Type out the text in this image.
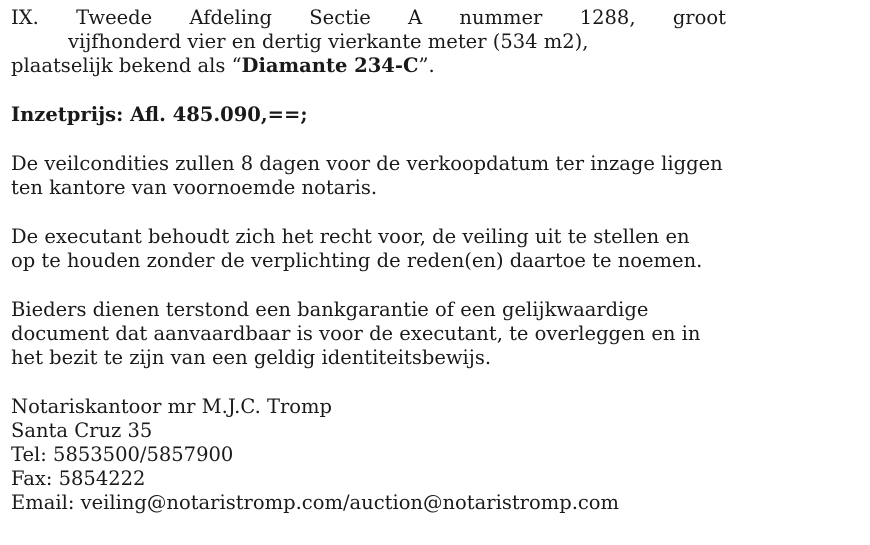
IX. Tweede Afdeling Sectie A nummer 1288, groot
vijfhonderd vier en dertig vierkante meter (534 m2),
plaatselijk bekend als “Diamante 234-C”.
Inzetprijs: Afl. 485.090,==;
De veilcondities zullen 8 dagen voor de verkoopdatum ter inzage liggen
ten kantore van voornoemde notaris.
De executant behoudt zich het recht voor, de veiling uit te stellen en
op te houden zonder de verplichting de reden(en) daartoe te noemen.
Bieders dienen terstond een bankgarantie of een gelijkwaardige
document dat aanvaardbaar is voor de executant, te overleggen en in
het bezit te zijn van een geldig identiteitsbewijs.
Notariskantoor mr M.J.C. Tromp
Santa Cruz 35
Tel: 5853500/5857900
Fax: 5854222
Email: veiling@notaristromp.com/auction@notaristromp.com
